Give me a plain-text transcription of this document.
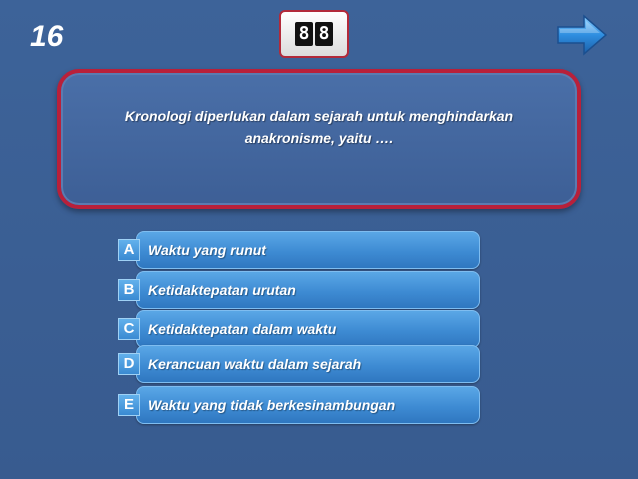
16	8 8
Kronologi diperlukan dalam sejarah untuk menghindarkan
anakronisme, yaitu ….
A Waktu yang runut
B Ketidaktepatan urutan
C Ketidaktepatan dalam waktu
D Kerancuan waktu dalam sejarah
E	Waktu yang tidak berkesinambungan
